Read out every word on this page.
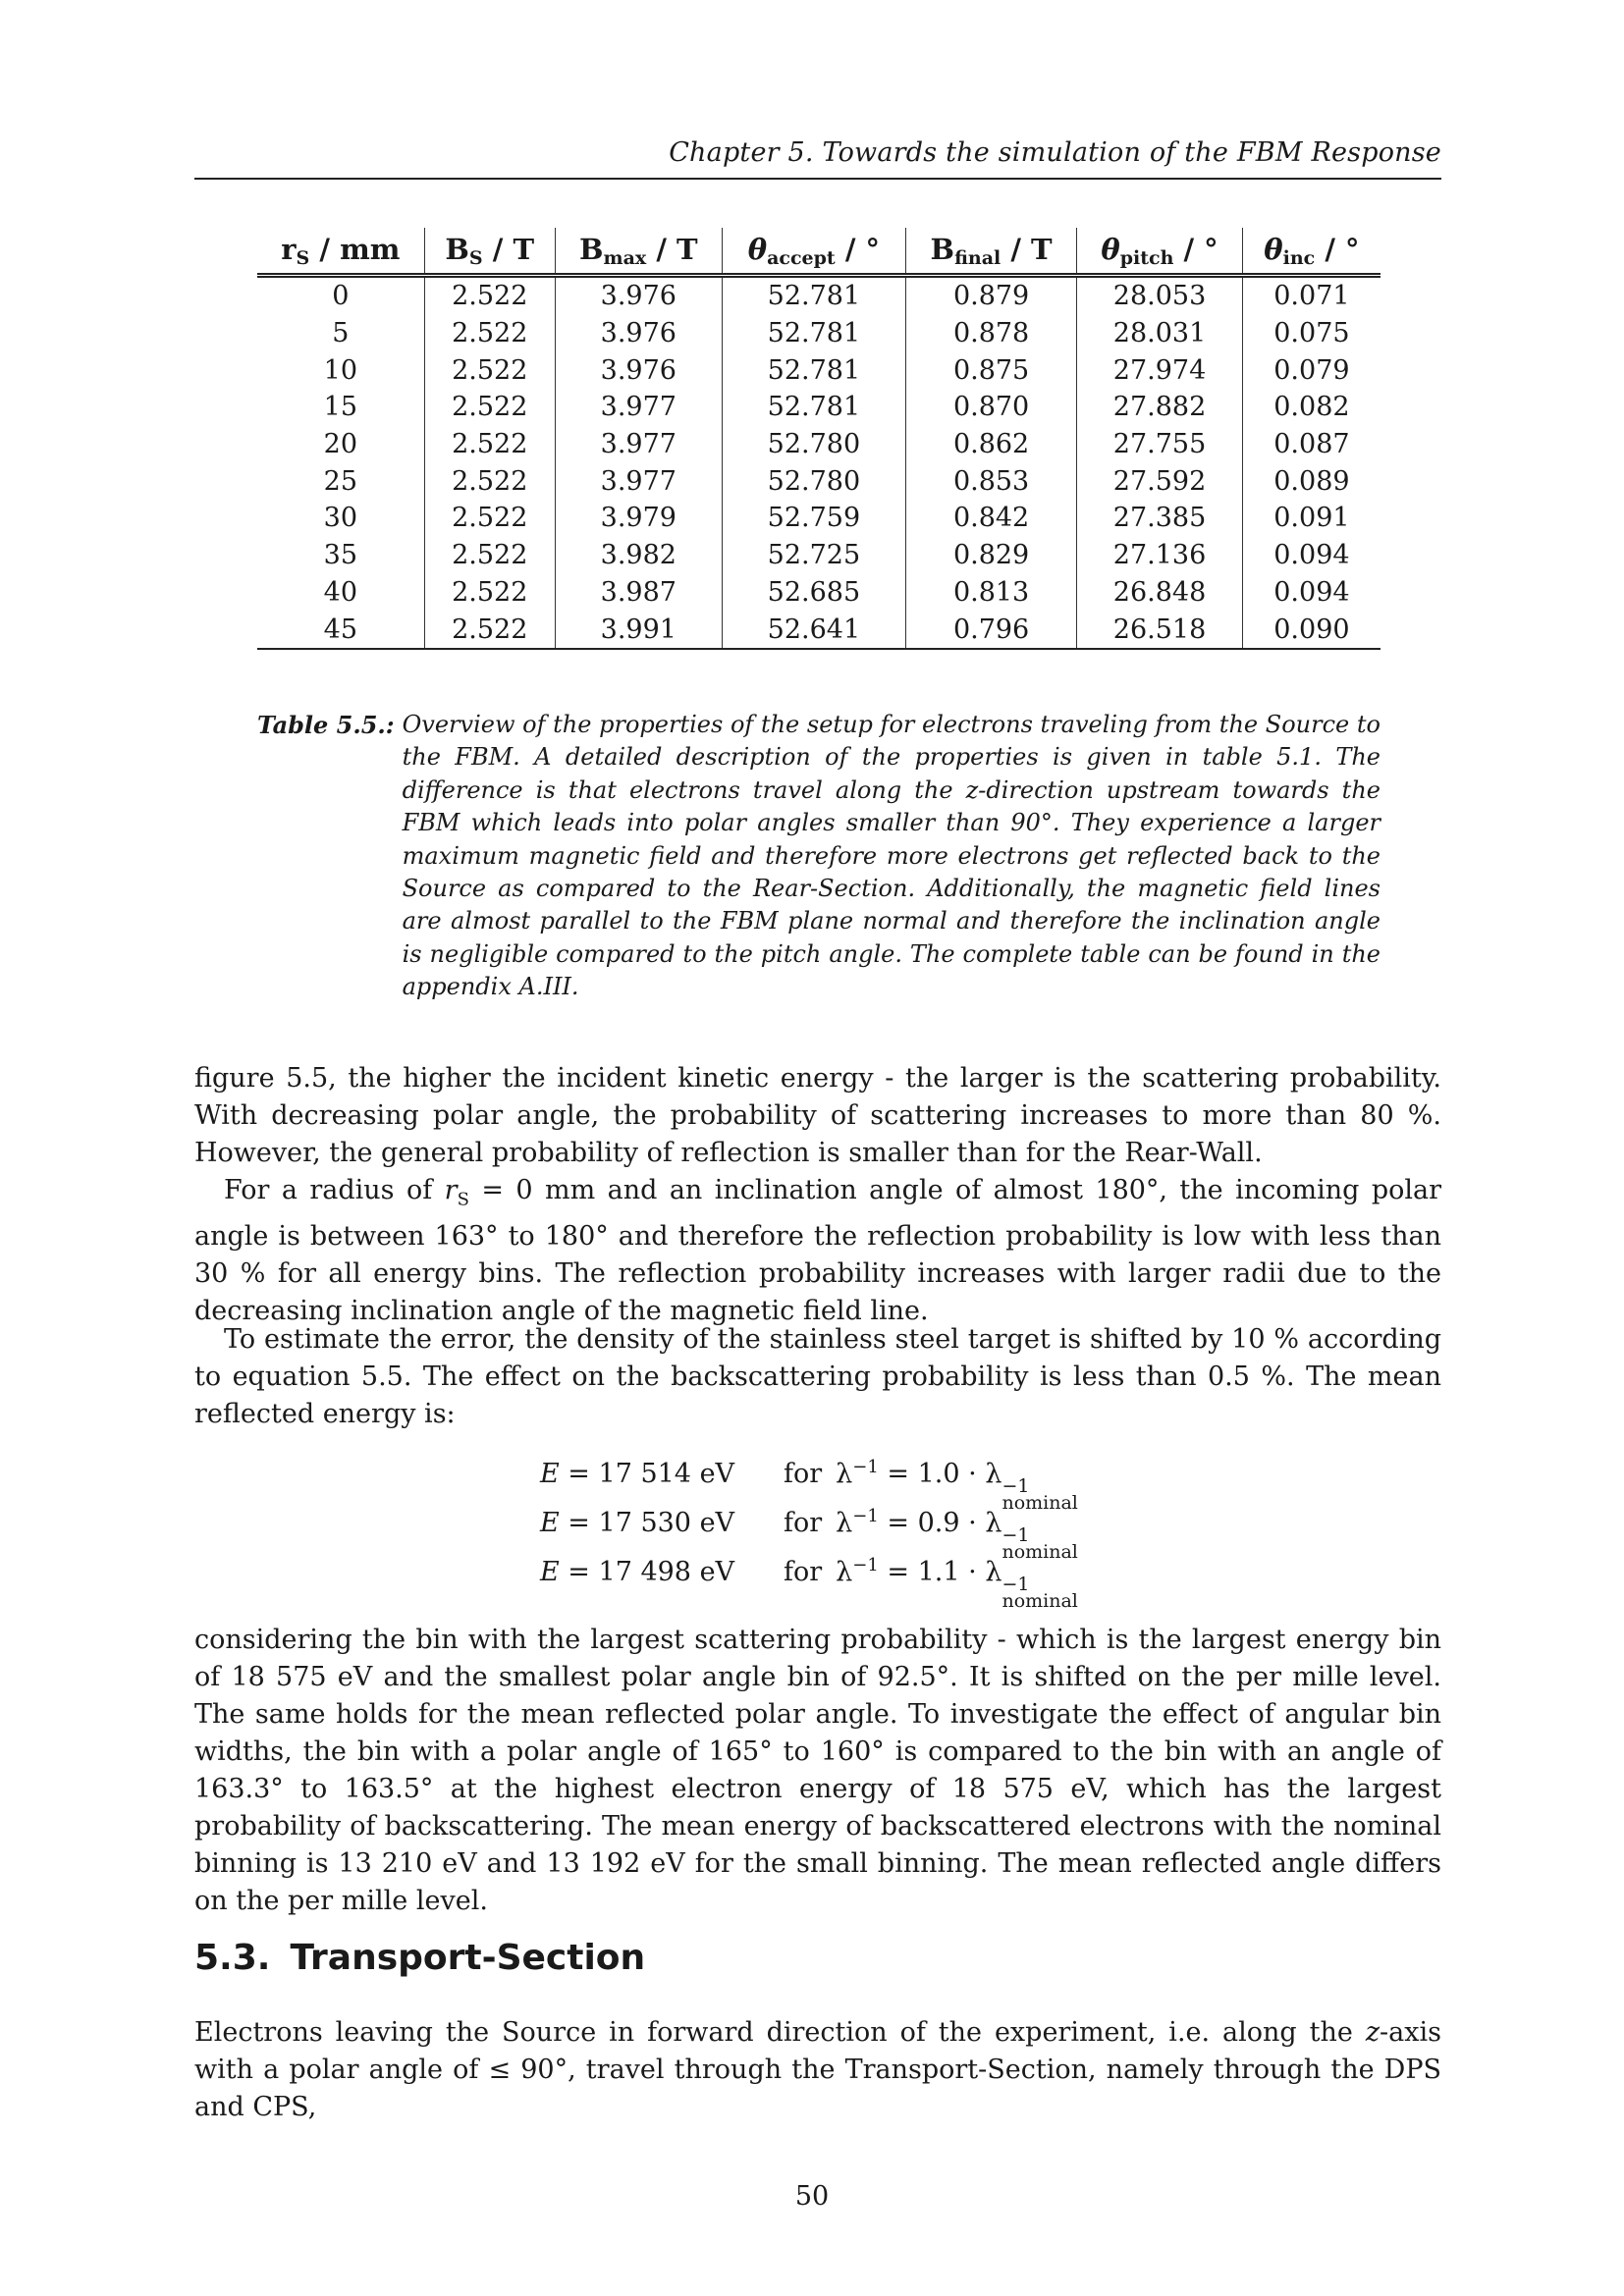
Chapter 5. Towards the simulation of the FBM Response
$r_S$ / mm	$B_S$ / T	$B_{max}$ / T	$\theta_{accept}$ / °	$B_{final}$ / T	$\theta_{pitch}$ / °	$\theta_{inc}$ / °
0	2.522	3.976	52.781	0.879	28.053	0.071
5	2.522	3.976	52.781	0.878	28.031	0.075
10	2.522	3.976	52.781	0.875	27.974	0.079
15	2.522	3.977	52.781	0.870	27.882	0.082
20	2.522	3.977	52.780	0.862	27.755	0.087
25	2.522	3.977	52.780	0.853	27.592	0.089
30	2.522	3.979	52.759	0.842	27.385	0.091
35	2.522	3.982	52.725	0.829	27.136	0.094
40	2.522	3.987	52.685	0.813	26.848	0.094
45	2.522	3.991	52.641	0.796	26.518	0.090
Table 5.5.: Overview of the properties of the setup for electrons traveling from the Source to the FBM. A detailed description of the properties is given in table 5.1. The difference is that electrons travel along the z-direction upstream towards the FBM which leads into polar angles smaller than 90°. They experience a larger maximum magnetic field and therefore more electrons get reflected back to the Source as compared to the Rear-Section. Additionally, the magnetic field lines are almost parallel to the FBM plane normal and therefore the inclination angle is negligible compared to the pitch angle. The complete table can be found in the appendix A.III.

figure 5.5, the higher the incident kinetic energy - the larger is the scattering probability. With decreasing polar angle, the probability of scattering increases to more than 80 %. However, the general probability of reflection is smaller than for the Rear-Wall.

For a radius of $r_S = 0$ mm and an inclination angle of almost 180°, the incoming polar angle is between 163° to 180° and therefore the reflection probability is low with less than 30 % for all energy bins. The reflection probability increases with larger radii due to the decreasing inclination angle of the magnetic field line.

To estimate the error, the density of the stainless steel target is shifted by 10 % according to equation 5.5. The effect on the backscattering probability is less than 0.5 %. The mean reflected energy is:

E = 17 514 eV	for $\lambda^{-1} = 1.0 \cdot \lambda -1$
nominal
E = 17 530 eV	for $\lambda^{-1} = 0.9 \cdot \lambda -1$
nominal
E = 17 498 eV	for $\lambda^{-1} = 1.1 \cdot \lambda -1$
nominal

considering the bin with the largest scattering probability - which is the largest energy bin of 18 575 eV and the smallest polar angle bin of 92.5°. It is shifted on the per mille level. The same holds for the mean reflected polar angle. To investigate the effect of angular bin widths, the bin with a polar angle of 165° to 160° is compared to the bin with an angle of 163.3° to 163.5° at the highest electron energy of 18 575 eV, which has the largest probability of backscattering. The mean energy of backscattered electrons with the nominal binning is 13 210 eV and 13 192 eV for the small binning. The mean reflected angle differs on the per mille level.

5.3. Transport-Section

Electrons leaving the Source in forward direction of the experiment, i.e. along the z-axis with a polar angle of ≤ 90°, travel through the Transport-Section, namely through the DPS and CPS,

50
